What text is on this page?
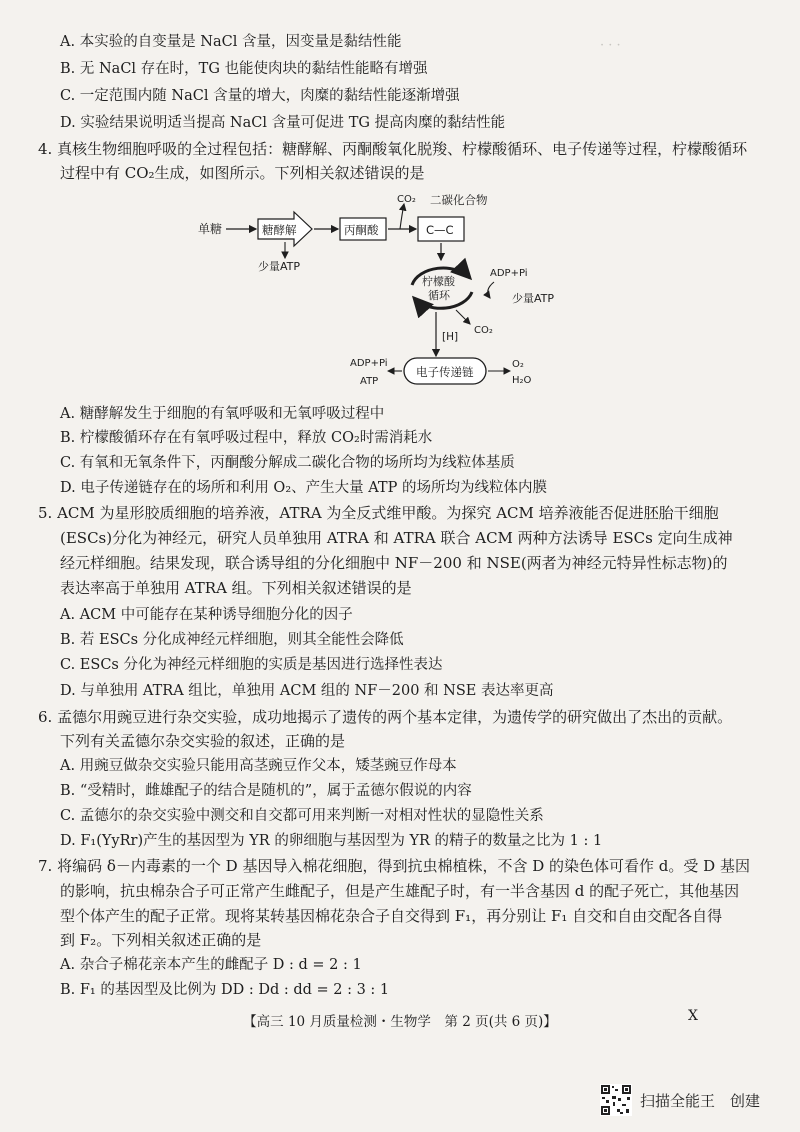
· · ·
A. 本实验的自变量是 NaCl 含量，因变量是黏结性能
B. 无 NaCl 存在时，TG 也能使肉块的黏结性能略有增强
C. 一定范围内随 NaCl 含量的增大，肉糜的黏结性能逐渐增强
D. 实验结果说明适当提高 NaCl 含量可促进 TG 提高肉糜的黏结性能
4. 真核生物细胞呼吸的全过程包括：糖酵解、丙酮酸氧化脱羧、柠檬酸循环、电子传递等过程，柠檬酸循环
过程中有 CO₂生成，如图所示。下列相关叙述错误的是
单糖	糖酵解
少量ATP
丙酮酸
CO₂ 二碳化合物
C—C
柠檬酸
循环
ADP+Pi
少量ATP
CO₂
[H]
电子传递链
ADP+Pi
ATP
O₂
H₂O
A. 糖酵解发生于细胞的有氧呼吸和无氧呼吸过程中
B. 柠檬酸循环存在有氧呼吸过程中，释放 CO₂时需消耗水
C. 有氧和无氧条件下，丙酮酸分解成二碳化合物的场所均为线粒体基质
D. 电子传递链存在的场所和利用 O₂、产生大量 ATP 的场所均为线粒体内膜
5. ACM 为星形胶质细胞的培养液，ATRA 为全反式维甲酸。为探究 ACM 培养液能否促进胚胎干细胞
(ESCs)分化为神经元，研究人员单独用 ATRA 和 ATRA 联合 ACM 两种方法诱导 ESCs 定向生成神
经元样细胞。结果发现，联合诱导组的分化细胞中 NF－200 和 NSE(两者为神经元特异性标志物)的
表达率高于单独用 ATRA 组。下列相关叙述错误的是
A. ACM 中可能存在某种诱导细胞分化的因子
B. 若 ESCs 分化成神经元样细胞，则其全能性会降低
C. ESCs 分化为神经元样细胞的实质是基因进行选择性表达
D. 与单独用 ATRA 组比，单独用 ACM 组的 NF－200 和 NSE 表达率更高
6. 孟德尔用豌豆进行杂交实验，成功地揭示了遗传的两个基本定律，为遗传学的研究做出了杰出的贡献。
下列有关孟德尔杂交实验的叙述，正确的是
A. 用豌豆做杂交实验只能用高茎豌豆作父本，矮茎豌豆作母本
B. “受精时，雌雄配子的结合是随机的”，属于孟德尔假说的内容
C. 孟德尔的杂交实验中测交和自交都可用来判断一对相对性状的显隐性关系
D. F₁(YyRr)产生的基因型为 YR 的卵细胞与基因型为 YR 的精子的数量之比为 1 : 1
7. 将编码 δ－内毒素的一个 D 基因导入棉花细胞，得到抗虫棉植株，不含 D 的染色体可看作 d。受 D 基因
的影响，抗虫棉杂合子可正常产生雌配子，但是产生雄配子时，有一半含基因 d 的配子死亡，其他基因
型个体产生的配子正常。现将某转基因棉花杂合子自交得到 F₁，再分别让 F₁ 自交和自由交配各自得
到 F₂。下列相关叙述正确的是
A. 杂合子棉花亲本产生的雌配子 D : d = 2 : 1
B. F₁ 的基因型及比例为 DD : Dd : dd = 2 : 3 : 1
【高三 10 月质量检测・生物学　第 2 页(共 6 页)】	X
扫描全能王　创建
